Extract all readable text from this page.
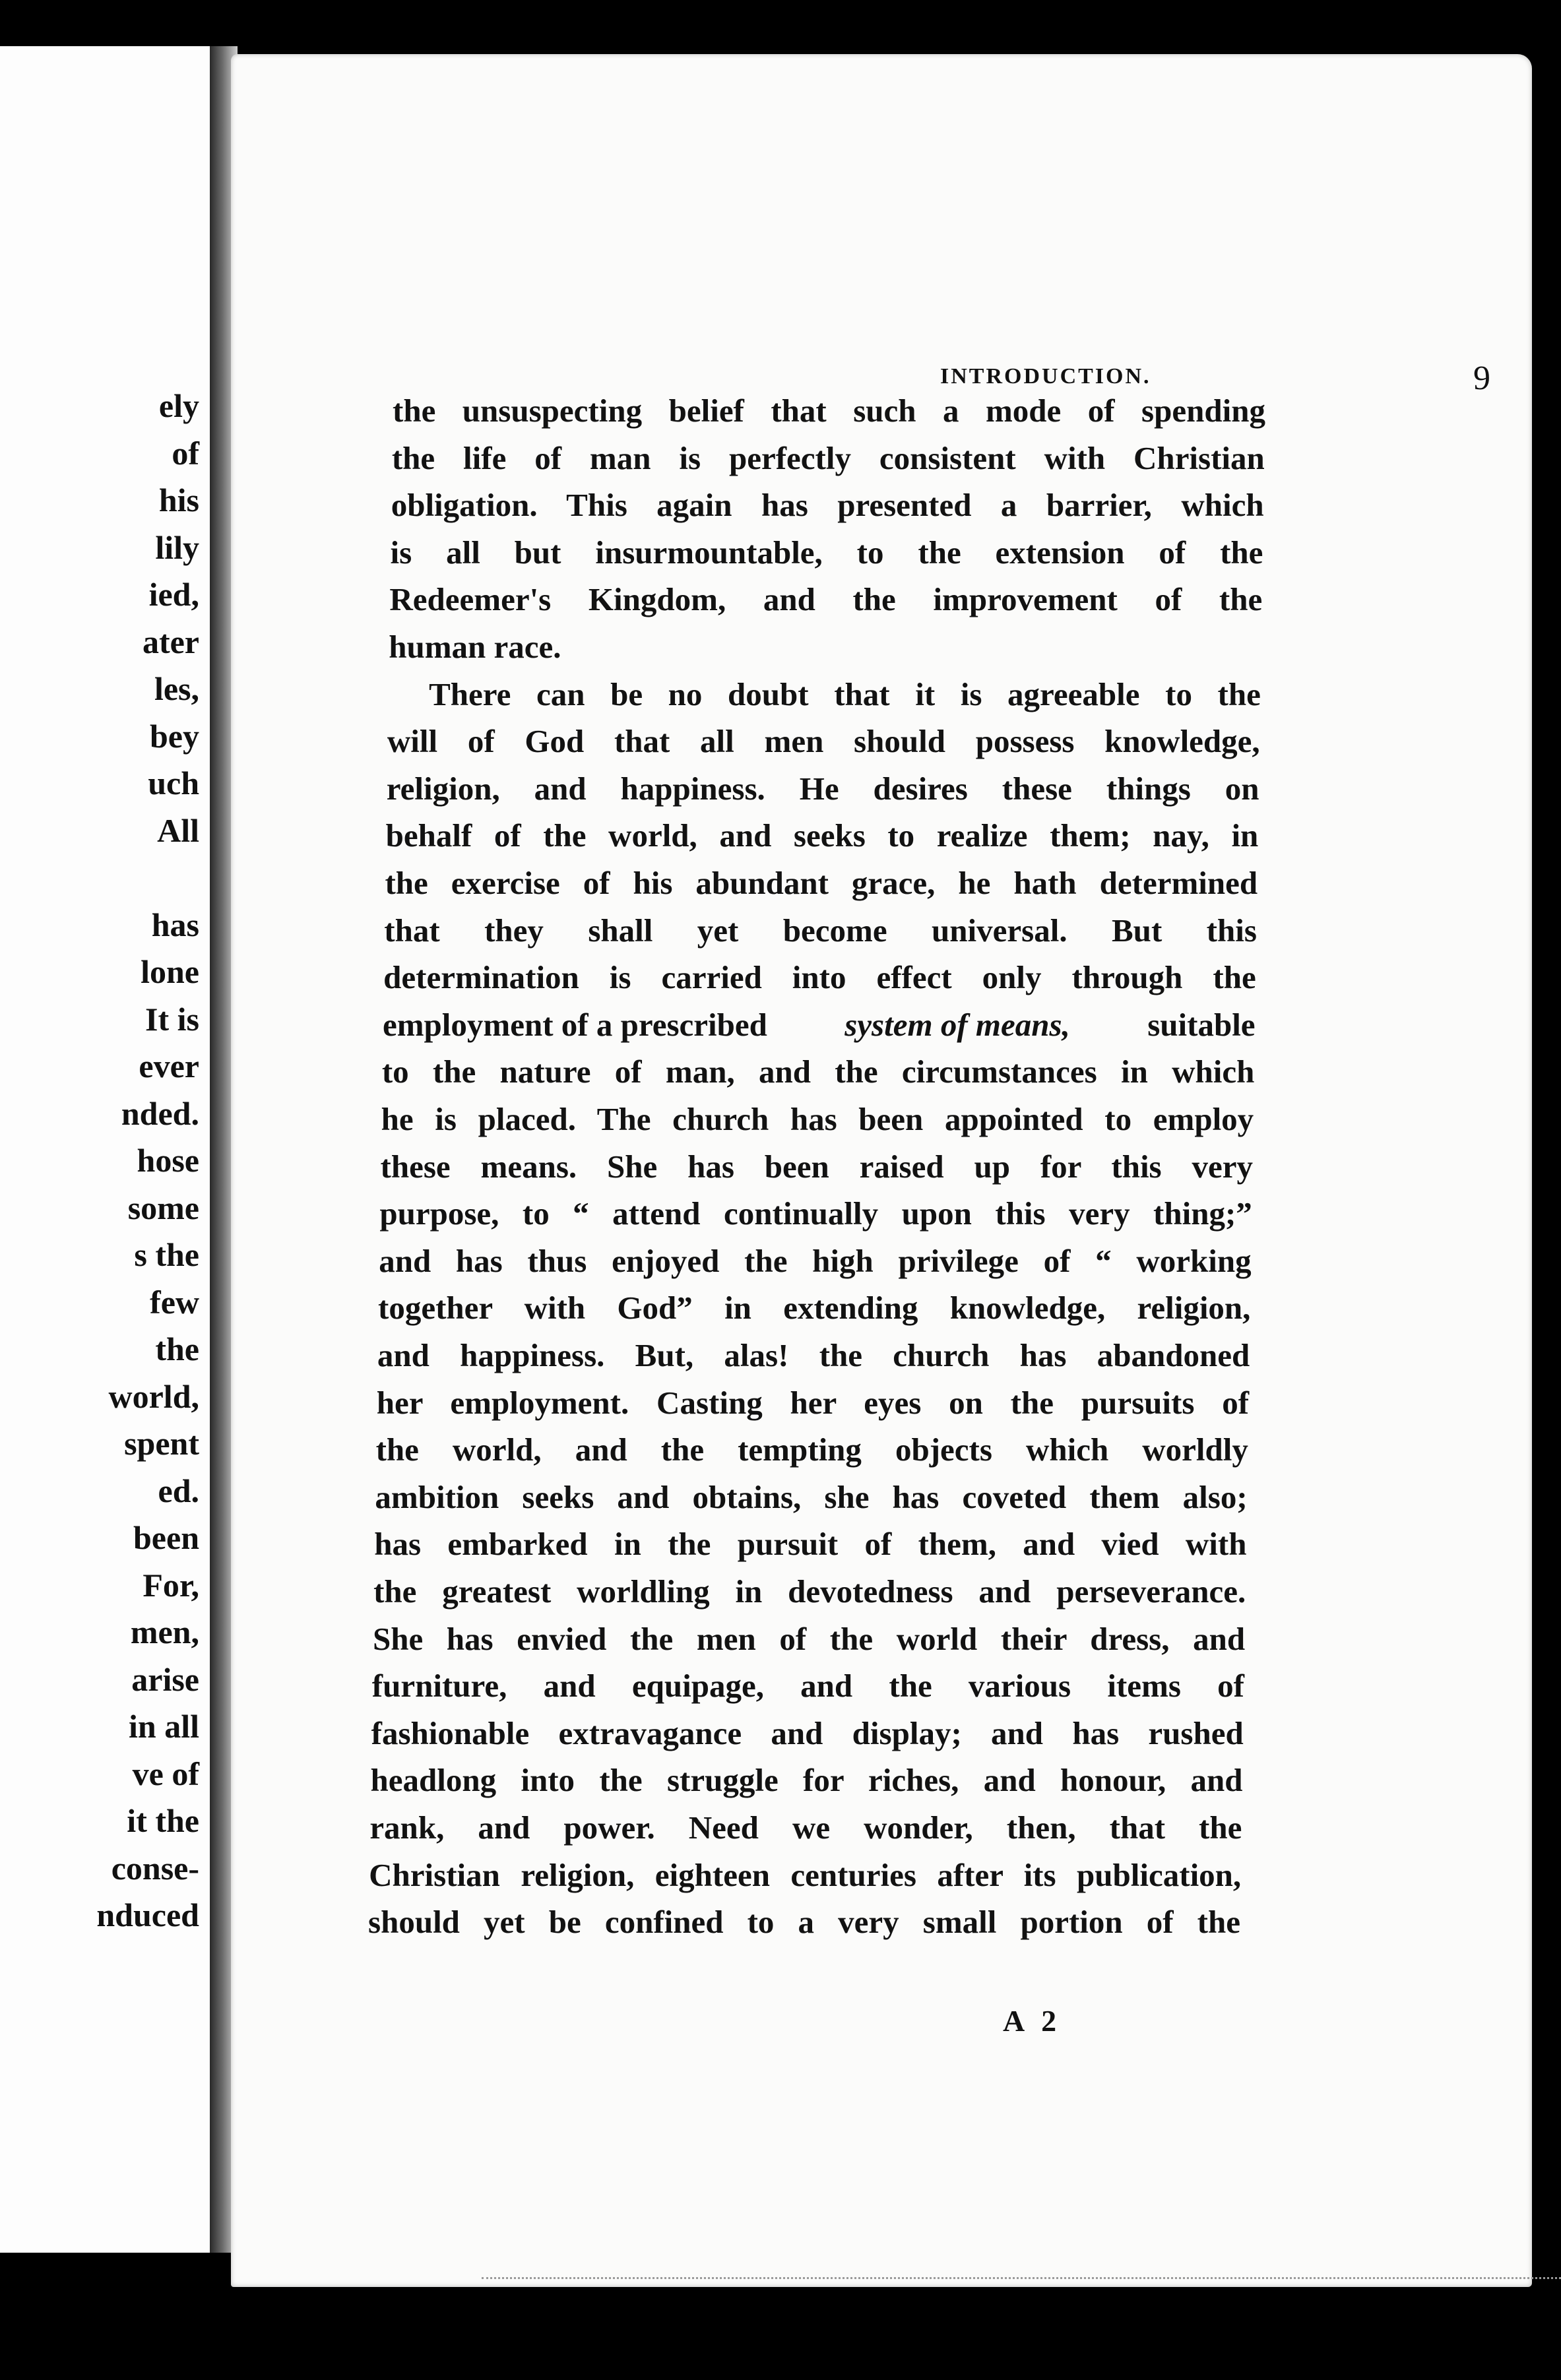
ely
of
his
lily
ied,
ater
les,
bey
uch
All
has
lone
It is
ever
nded.
hose
some
s the
few
the
world,
spent
ed.
been
For,
men,
arise
in all
ve of
it the
conse-
nduced
INTRODUCTION.	9
the unsuspecting belief that such a mode of spending
the life of man is perfectly consistent with Christian
obligation. This again has presented a barrier, which
is all but insurmountable, to the extension of the
Redeemer's Kingdom, and the improvement of the
human race.
There can be no doubt that it is agreeable to the
will of God that all men should possess knowledge,
religion, and happiness. He desires these things on
behalf of the world, and seeks to realize them; nay, in
the exercise of his abundant grace, he hath determined
that they shall yet become universal. But this
determination is carried into effect only through the
employment of a prescribed system of means, suitable
to the nature of man, and the circumstances in which
he is placed. The church has been appointed to employ
these means. She has been raised up for this very
purpose, to “ attend continually upon this very thing;”
and has thus enjoyed the high privilege of “ working
together with God” in extending knowledge, religion,
and happiness. But, alas! the church has abandoned
her employment. Casting her eyes on the pursuits of
the world, and the tempting objects which worldly
ambition seeks and obtains, she has coveted them also;
has embarked in the pursuit of them, and vied with
the greatest worldling in devotedness and perseverance.
She has envied the men of the world their dress, and
furniture, and equipage, and the various items of
fashionable extravagance and display; and has rushed
headlong into the struggle for riches, and honour, and
rank, and power. Need we wonder, then, that the
Christian religion, eighteen centuries after its publication,
should yet be confined to a very small portion of the
A 2
